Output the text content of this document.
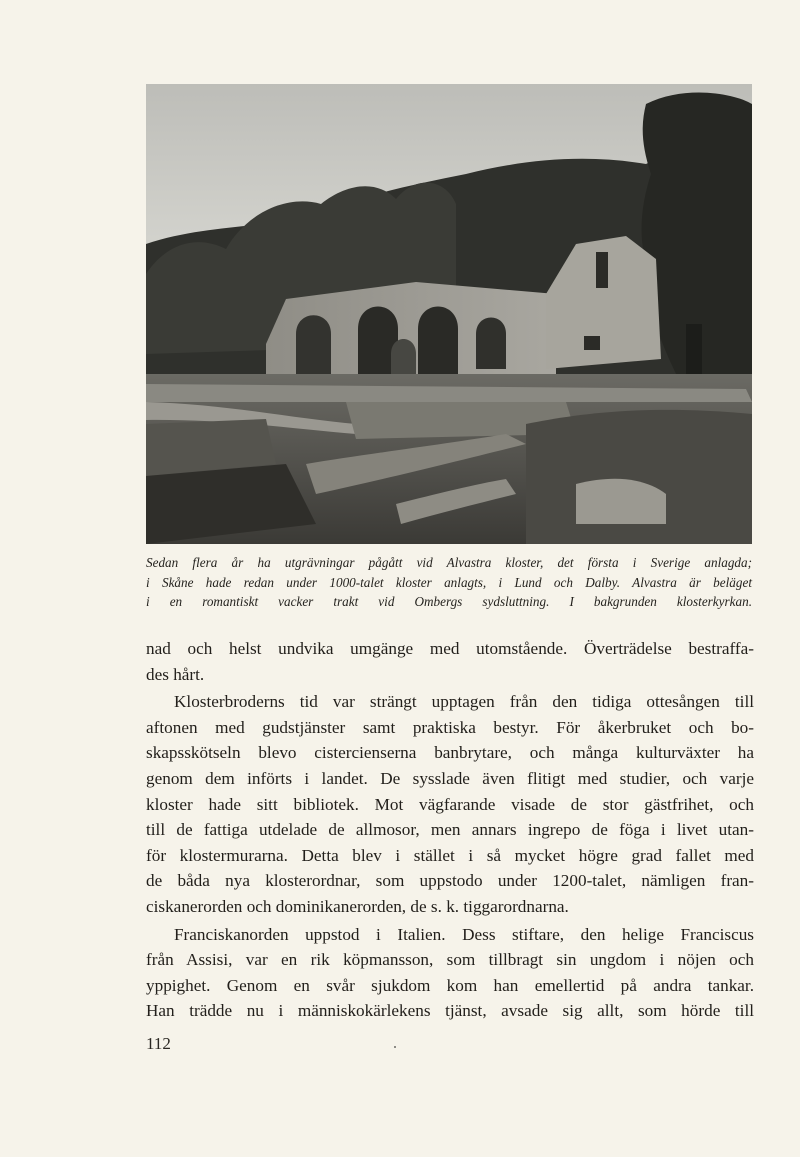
Sedan flera år ha utgrävningar pågått vid Alvastra kloster, det första i Sverige anlagda;
i Skåne hade redan under 1000-talet kloster anlagts, i Lund och Dalby. Alvastra är beläget
i en romantiskt vacker trakt vid Ombergs sydsluttning. I bakgrunden klosterkyrkan.
nad och helst undvika umgänge med utomstående. Överträdelse bestraffa-
des hårt.
Klosterbroderns tid var strängt upptagen från den tidiga ottesången till
aftonen med gudstjänster samt praktiska bestyr. För åkerbruket och bo-
skapsskötseln blevo cistercienserna banbrytare, och många kulturväxter ha
genom dem införts i landet. De sysslade även flitigt med studier, och varje
kloster hade sitt bibliotek. Mot vägfarande visade de stor gästfrihet, och
till de fattiga utdelade de allmosor, men annars ingrepo de föga i livet utan-
för klostermurarna. Detta blev i stället i så mycket högre grad fallet med
de båda nya klosterordnar, som uppstodo under 1200-talet, nämligen fran-
ciskanerorden och dominikanerorden, de s. k. tiggarordnarna.
Franciskanorden uppstod i Italien. Dess stiftare, den helige Franciscus
från Assisi, var en rik köpmansson, som tillbragt sin ungdom i nöjen och
yppighet. Genom en svår sjukdom kom han emellertid på andra tankar.
Han trädde nu i människokärlekens tjänst, avsade sig allt, som hörde till
112
